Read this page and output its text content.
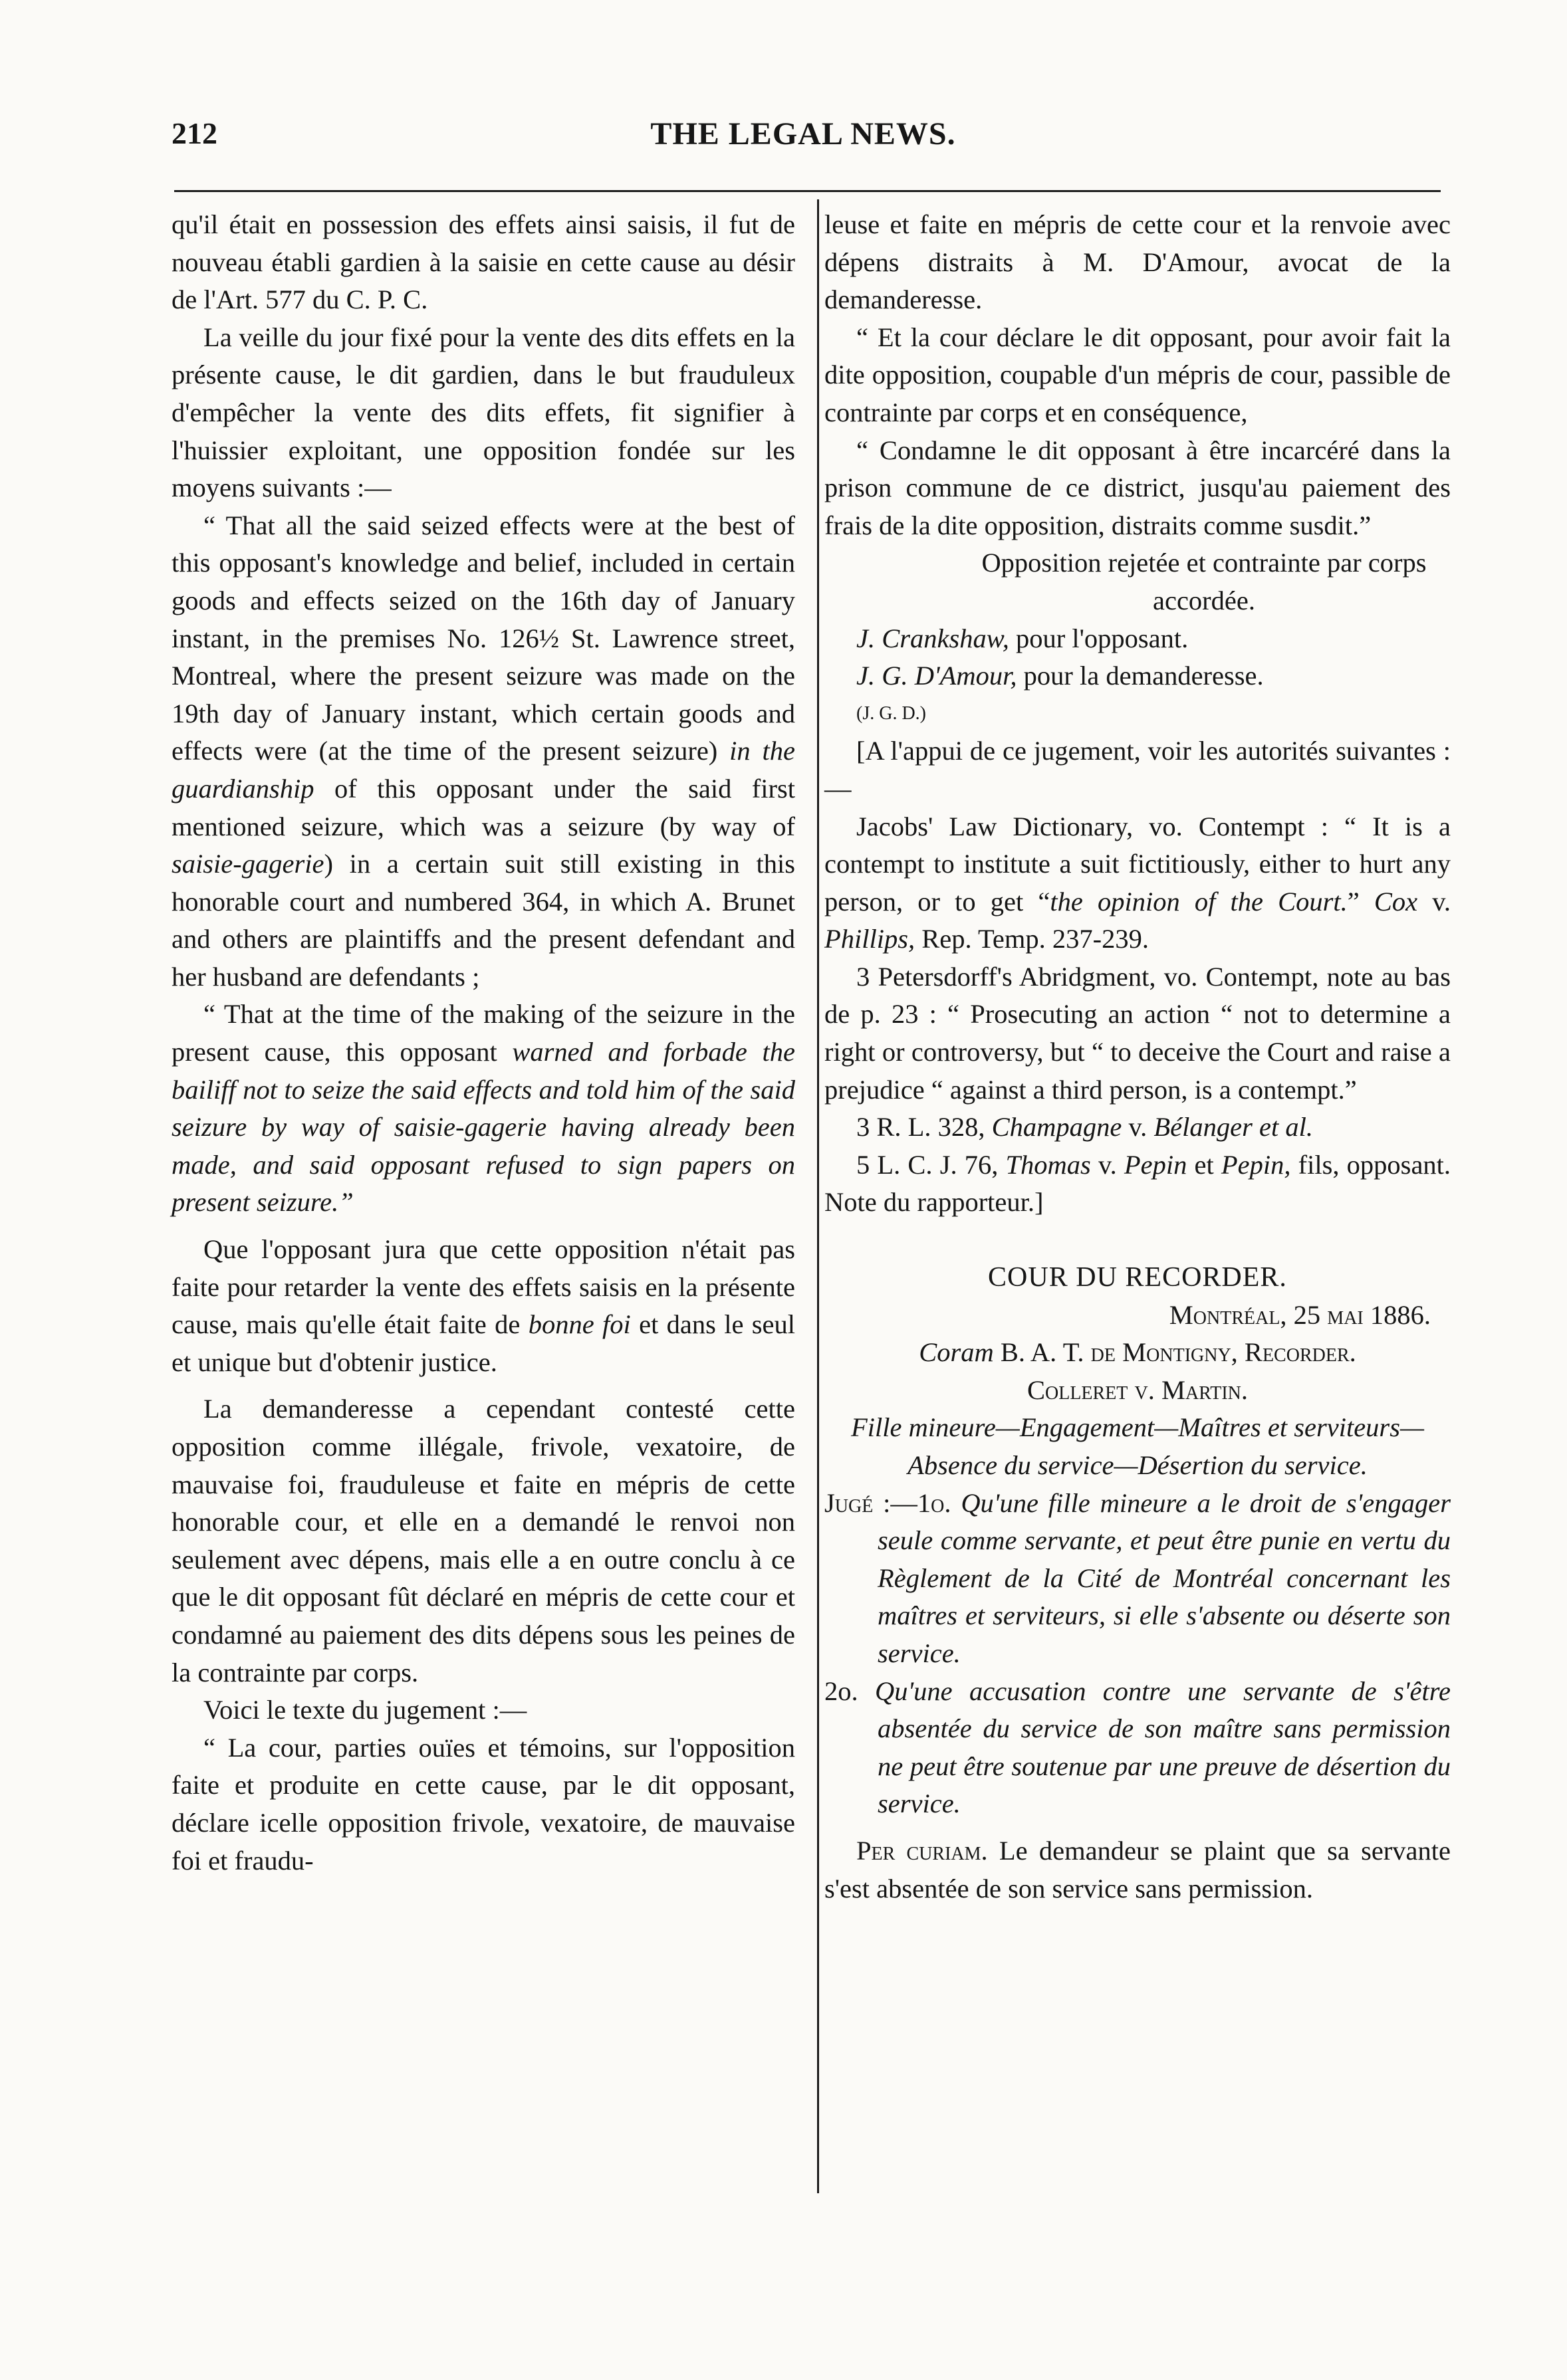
212	THE LEGAL NEWS.

qu'il était en possession des effets ainsi saisis, il fut de nouveau établi gardien à la saisie en cette cause au désir de l'Art. 577 du C. P. C.

La veille du jour fixé pour la vente des dits effets en la présente cause, le dit gardien, dans le but frauduleux d'empêcher la vente des dits effets, fit signifier à l'huissier exploitant, une opposition fondée sur les moyens suivants :—

“ That all the said seized effects were at the best of this opposant's knowledge and belief, included in certain goods and effects seized on the 16th day of January instant, in the premises No. 126½ St. Lawrence street, Montreal, where the present seizure was made on the 19th day of January instant, which certain goods and effects were (at the time of the present seizure) in the guardianship of this opposant under the said first mentioned seizure, which was a seizure (by way of saisie-gagerie) in a certain suit still existing in this honorable court and numbered 364, in which A. Brunet and others are plaintiffs and the present defendant and her husband are defendants ;

“ That at the time of the making of the seizure in the present cause, this opposant warned and forbade the bailiff not to seize the said effects and told him of the said seizure by way of saisie-gagerie having already been made, and said opposant refused to sign papers on present seizure.”

Que l'opposant jura que cette opposition n'était pas faite pour retarder la vente des effets saisis en la présente cause, mais qu'elle était faite de bonne foi et dans le seul et unique but d'obtenir justice.

La demanderesse a cependant contesté cette opposition comme illégale, frivole, vexatoire, de mauvaise foi, frauduleuse et faite en mépris de cette honorable cour, et elle en a demandé le renvoi non seulement avec dépens, mais elle a en outre conclu à ce que le dit opposant fût déclaré en mépris de cette cour et condamné au paiement des dits dépens sous les peines de la contrainte par corps.

Voici le texte du jugement :—

“ La cour, parties ouïes et témoins, sur l'opposition faite et produite en cette cause, par le dit opposant, déclare icelle opposition frivole, vexatoire, de mauvaise foi et fraudu-

leuse et faite en mépris de cette cour et la renvoie avec dépens distraits à M. D'Amour, avocat de la demanderesse.

“ Et la cour déclare le dit opposant, pour avoir fait la dite opposition, coupable d'un mépris de cour, passible de contrainte par corps et en conséquence,

“ Condamne le dit opposant à être incarcéré dans la prison commune de ce district, jusqu'au paiement des frais de la dite opposition, distraits comme susdit.”

Opposition rejetée et contrainte par corps accordée.

J. Crankshaw, pour l'opposant.

J. G. D'Amour, pour la demanderesse.

(J. G. D.)

[A l'appui de ce jugement, voir les autorités suivantes :—

Jacobs' Law Dictionary, vo. Contempt : “ It is a contempt to institute a suit fictitiously, either to hurt any person, or to get “the opinion of the Court.” Cox v. Phillips, Rep. Temp. 237-239.

3 Petersdorff's Abridgment, vo. Contempt, note au bas de p. 23 : “ Prosecuting an action “ not to determine a right or controversy, but “ to deceive the Court and raise a prejudice “ against a third person, is a contempt.”

3 R. L. 328, Champagne v. Bélanger et al.

5 L. C. J. 76, Thomas v. Pepin et Pepin, fils, opposant. Note du rapporteur.]

COUR DU RECORDER.

Montréal, 25 mai 1886.

Coram B. A. T. de Montigny, Recorder.

Colleret v. Martin.

Fille mineure—Engagement—Maîtres et serviteurs—Absence du service—Désertion du service.

Jugé :—1o. Qu'une fille mineure a le droit de s'engager seule comme servante, et peut être punie en vertu du Règlement de la Cité de Montréal concernant les maîtres et serviteurs, si elle s'absente ou déserte son service.

2o. Qu'une accusation contre une servante de s'être absentée du service de son maître sans permission ne peut être soutenue par une preuve de désertion du service.

Per curiam. Le demandeur se plaint que sa servante s'est absentée de son service sans permission.
